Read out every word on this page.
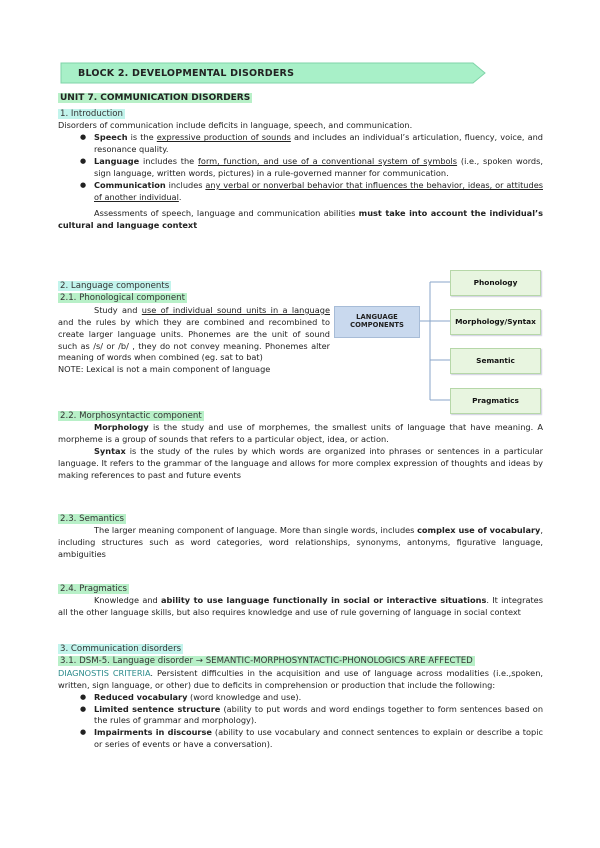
BLOCK 2. DEVELOPMENTAL DISORDERS
UNIT 7. COMMUNICATION DISORDERS
1. Introduction

Disorders of communication include deficits in language, speech, and communication.

● Speech is the expressive production of sounds and includes an individual’s articulation, fluency, voice, and resonance quality.
● Language includes the form, function, and use of a conventional system of symbols (i.e., spoken words, sign language, written words, pictures) in a rule-governed manner for communication.
● Communication includes any verbal or nonverbal behavior that influences the behavior, ideas, or attitudes of another individual.

Assessments of speech, language and communication abilities must take into account the individual’s cultural and language context

2. Language components
2.1. Phonological component

Study and use of individual sound units in a language and the rules by which they are combined and recombined to create larger language units. Phonemes are the unit of sound such as /s/ or /b/ , they do not convey meaning. Phonemes alter meaning of words when combined (eg. sat to bat)

NOTE: Lexical is not a main component of language

LANGUAGE COMPONENTS
Phonology
Morphology/Syntax
Semantic
Pragmatics
2.2. Morphosyntactic component

Morphology is the study and use of morphemes, the smallest units of language that have meaning. A morpheme is a group of sounds that refers to a particular object, idea, or action.

Syntax is the study of the rules by which words are organized into phrases or sentences in a particular language. It refers to the grammar of the language and allows for more complex expression of thoughts and ideas by making references to past and future events

2.3. Semantics

The larger meaning component of language. More than single words, includes complex use of vocabulary, including structures such as word categories, word relationships, synonyms, antonyms, figurative language, ambiguities

2.4. Pragmatics

Knowledge and ability to use language functionally in social or interactive situations. It integrates all the other language skills, but also requires knowledge and use of rule governing of language in social context

3. Communication disorders
3.1. DSM-5. Language disorder → SEMANTIC-MORPHOSYNTACTIC-PHONOLOGICS ARE AFFECTED

DIAGNOSTIS CRITERIA. Persistent difficulties in the acquisition and use of language across modalities (i.e.,spoken, written, sign language, or other) due to deficits in comprehension or production that include the following:

● Reduced vocabulary (word knowledge and use).
● Limited sentence structure (ability to put words and word endings together to form sentences based on the rules of grammar and morphology).
● Impairments in discourse (ability to use vocabulary and connect sentences to explain or describe a topic or series of events or have a conversation).
